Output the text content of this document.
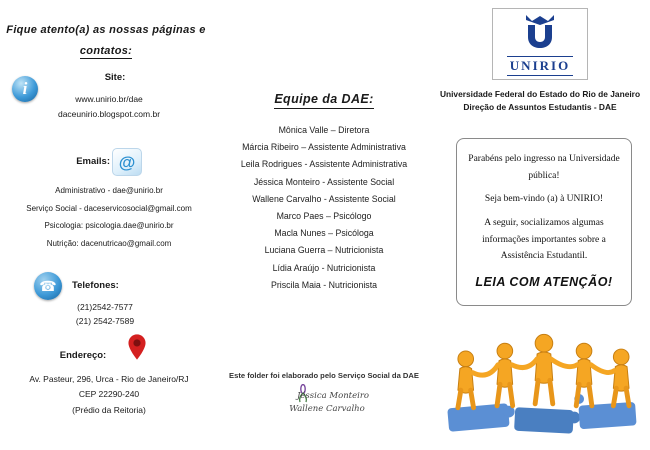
Fique atento(a) as nossas páginas e
contatos:
i
Site:
www.unirio.br/dae
daceunirio.blogspot.com.br
@
Emails:
Administrativo - dae@unirio.br
Serviço Social - daceservicosocial@gmail.com
Psicologia: psicologia.dae@unirio.br
Nutrição: dacenutricao@gmail.com
☎	Telefones:
(21)2542-7577
(21) 2542-7589
Endereço:
Av. Pasteur, 296, Urca - Rio de Janeiro/RJ
CEP 22290-240
(Prédio da Reitoria)
Equipe da DAE:
Mônica Valle – Diretora
Márcia Ribeiro – Assistente Administrativa
Leila Rodrigues - Assistente Administrativa
Jéssica Monteiro - Assistente Social
Wallene Carvalho - Assistente Social
Marco Paes – Psicólogo
Macla Nunes – Psicóloga
Luciana Guerra – Nutricionista
Lídia Araújo - Nutricionista
Priscila Maia - Nutricionista
Este folder foi elaborado pelo Serviço Social da DAE
Jéssica Monteiro
Wallene Carvalho
UNIRIO
Universidade Federal do Estado do Rio de Janeiro
Direção de Assuntos Estudantis - DAE

Parabéns pelo ingresso na Universidade pública!

Seja bem-vindo (a) à UNIRIO!

A seguir, socializamos algumas informações importantes sobre a Assistência Estudantil.

LEIA COM ATENÇÃO!
